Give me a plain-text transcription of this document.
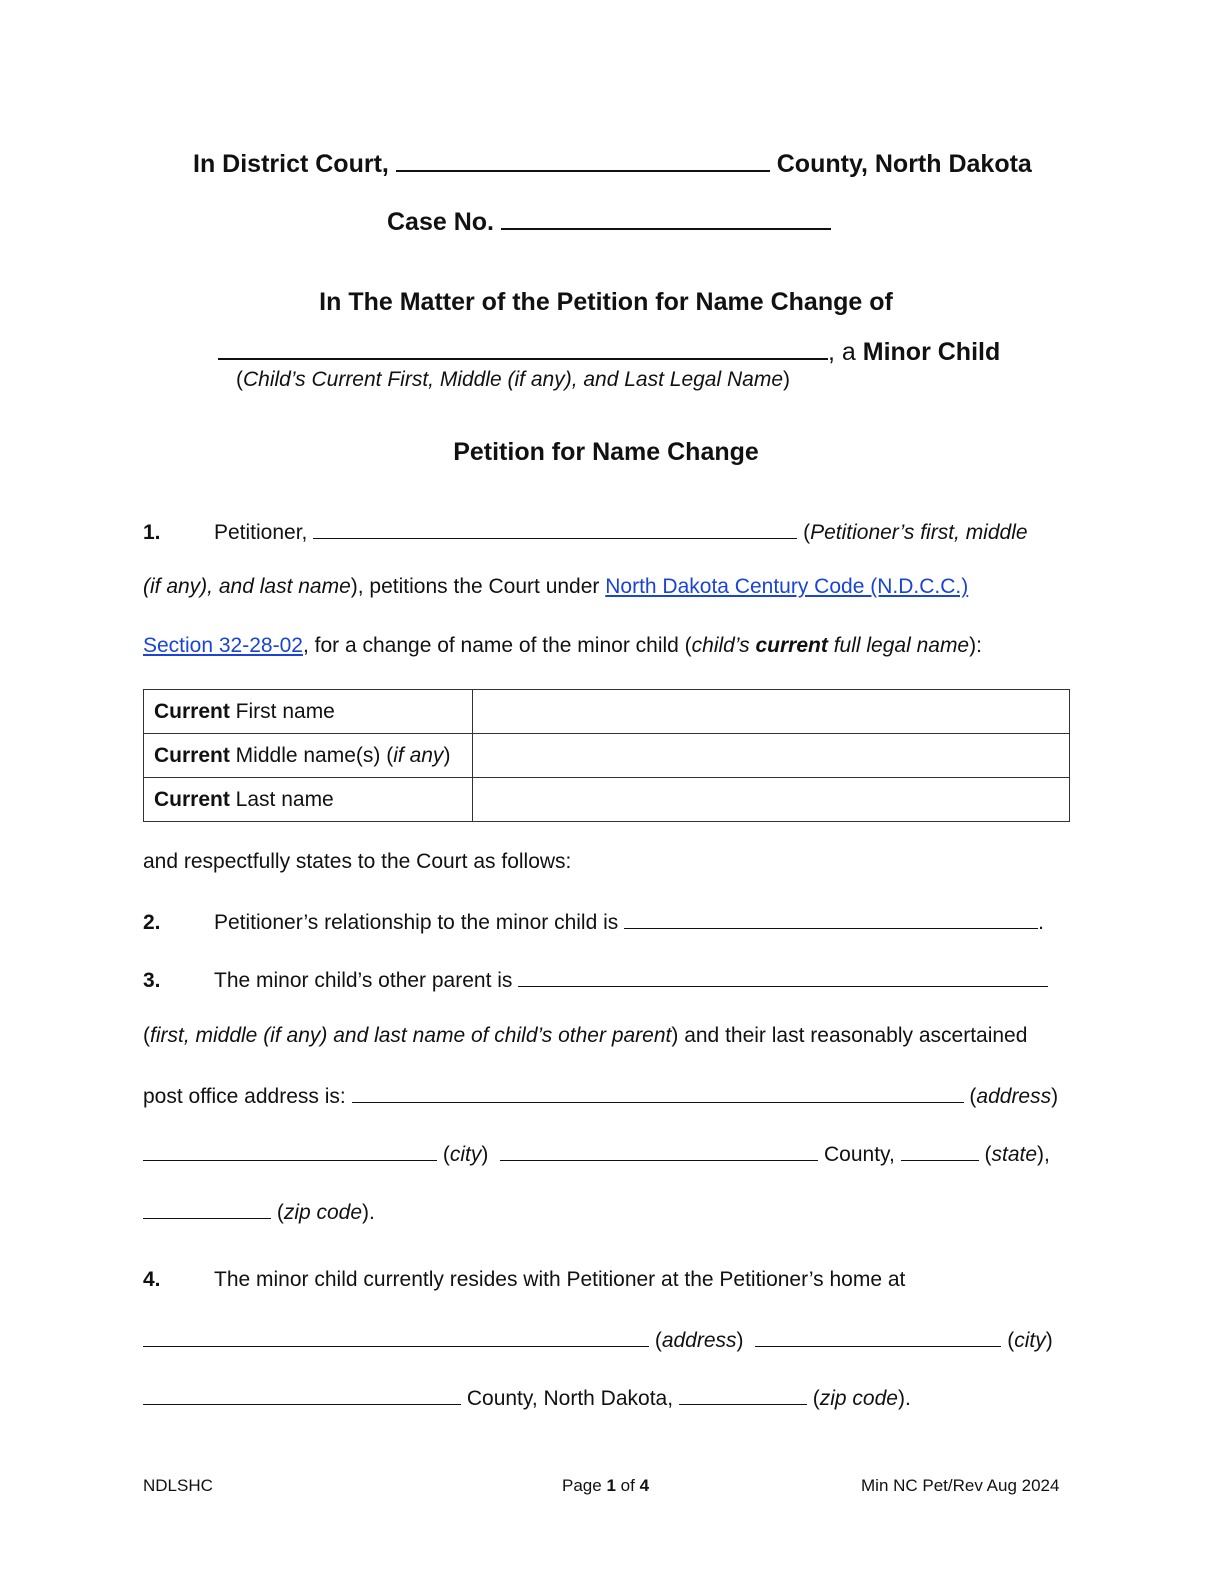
In District Court,	County, North Dakota
Case No.
In The Matter of the Petition for Name Change of
, a Minor Child
(Child’s Current First, Middle (if any), and Last Legal Name)
Petition for Name Change
1.	Petitioner,	(Petitioner’s first, middle
(if any), and last name), petitions the Court under North Dakota Century Code (N.D.C.C.)
Section 32-28-02, for a change of name of the minor child (child’s current full legal name):
Current First name	
Current Middle name(s) (if any)	
Current Last name	
and respectfully states to the Court as follows:
2.	Petitioner’s relationship to the minor child is	.
3.	The minor child’s other parent is
(first, middle (if any) and last name of child’s other parent) and their last reasonably ascertained
post office address is:	(address)
(city)	County,	(state),
(zip code).
4.	The minor child currently resides with Petitioner at the Petitioner’s home at
(address)	(city)
County, North Dakota,	(zip code).
NDLSHC	Page 1 of 4	Min NC Pet/Rev Aug 2024
